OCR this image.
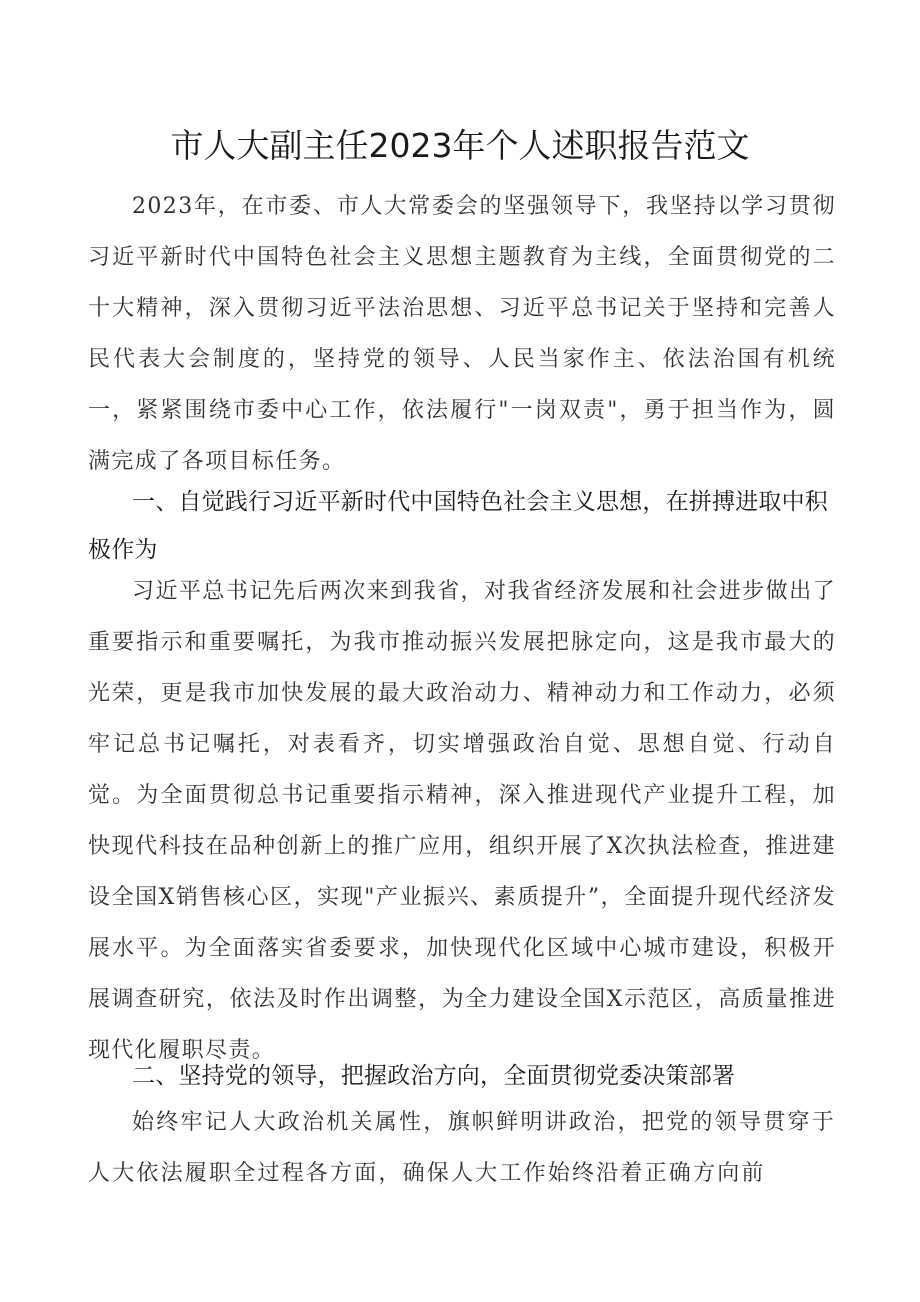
市人大副主任2023年个人述职报告范文
2023年，在市委、市人大常委会的坚强领导下，我坚持以学习贯彻习近平新时代中国特色社会主义思想主题教育为主线，全面贯彻党的二十大精神，深入贯彻习近平法治思想、习近平总书记关于坚持和完善人民代表大会制度的，坚持党的领导、人民当家作主、依法治国有机统一，紧紧围绕市委中心工作，依法履行"一岗双责"，勇于担当作为，圆满完成了各项目标任务。
一、自觉践行习近平新时代中国特色社会主义思想，在拼搏进取中积极作为
习近平总书记先后两次来到我省，对我省经济发展和社会进步做出了重要指示和重要嘱托，为我市推动振兴发展把脉定向，这是我市最大的光荣，更是我市加快发展的最大政治动力、精神动力和工作动力，必须牢记总书记嘱托，对表看齐，切实增强政治自觉、思想自觉、行动自觉。为全面贯彻总书记重要指示精神，深入推进现代产业提升工程，加快现代科技在品种创新上的推广应用，组织开展了X次执法检查，推进建设全国X销售核心区，实现"产业振兴、素质提升”，全面提升现代经济发展水平。为全面落实省委要求，加快现代化区域中心城市建设，积极开展调查研究，依法及时作出调整，为全力建设全国X示范区，高质量推进现代化履职尽责。
二、坚持党的领导，把握政治方向，全面贯彻党委决策部署
始终牢记人大政治机关属性，旗帜鲜明讲政治，把党的领导贯穿于人大依法履职全过程各方面，确保人大工作始终沿着正确方向前
